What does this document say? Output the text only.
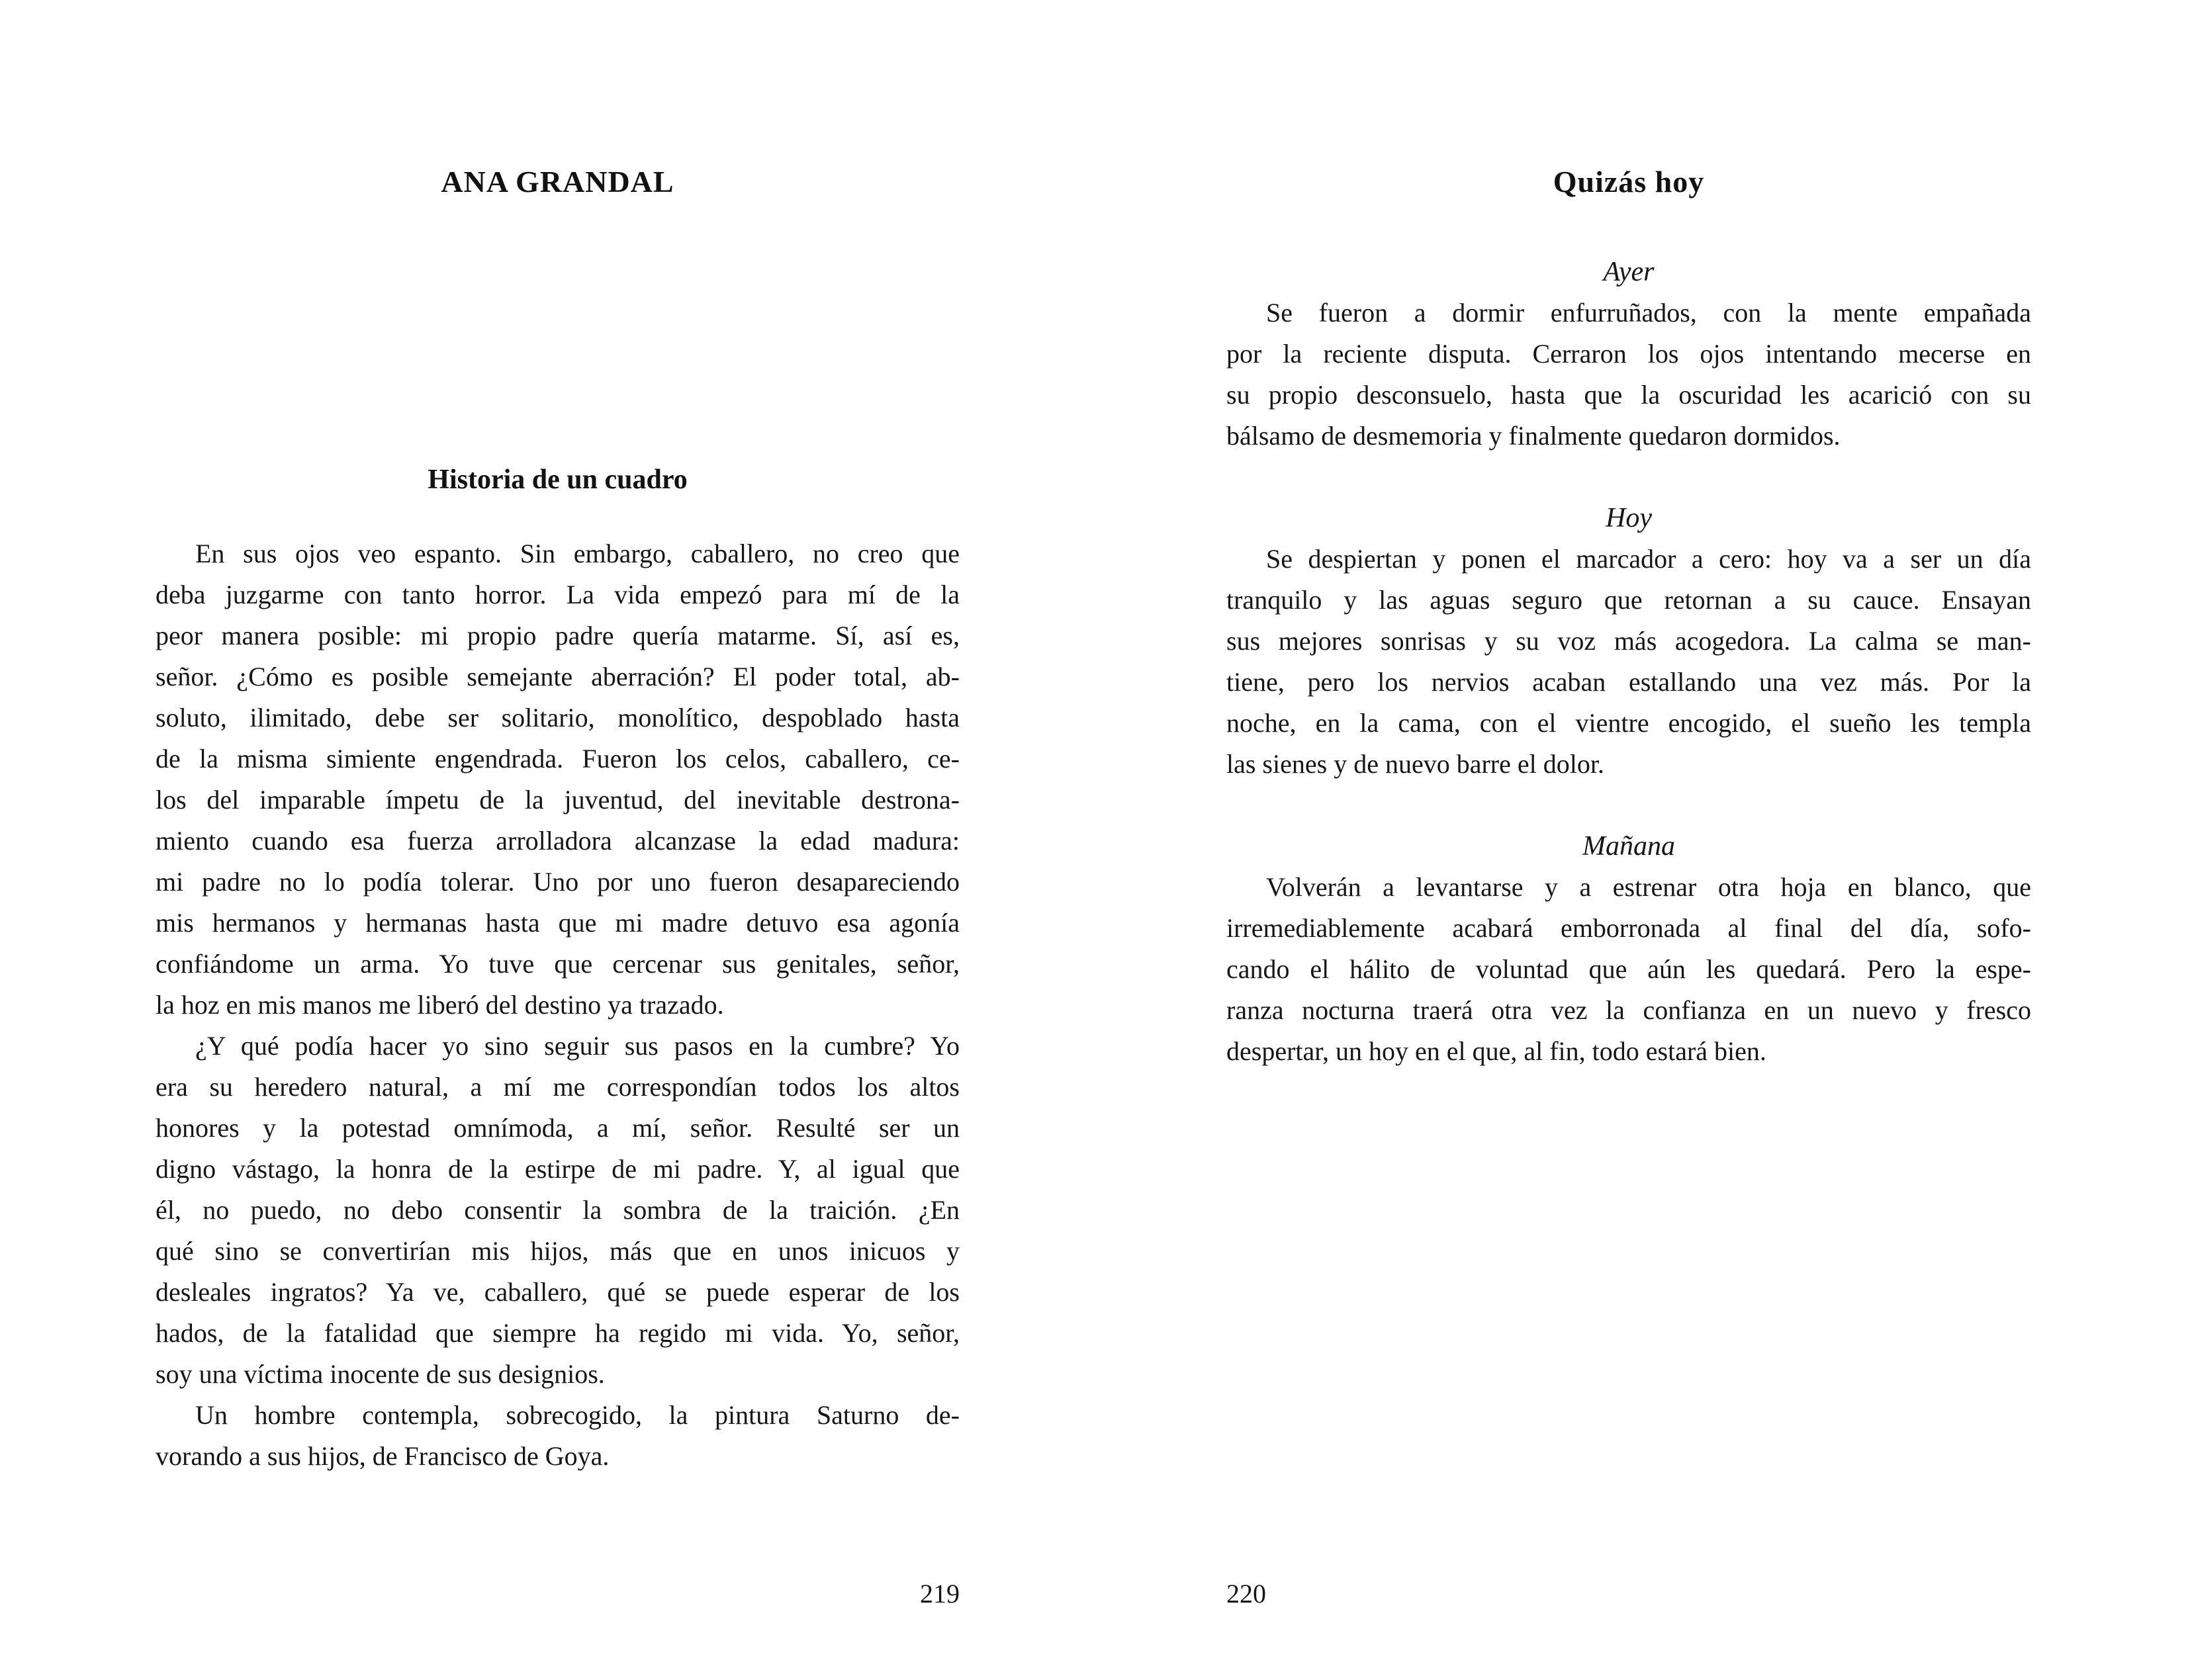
ANA GRANDAL
Historia de un cuadro
En sus ojos veo espanto. Sin embargo, caballero, no creo que
deba juzgarme con tanto horror. La vida empezó para mí de la
peor manera posible: mi propio padre quería matarme. Sí, así es,
señor. ¿Cómo es posible semejante aberración? El poder total, ab-
soluto, ilimitado, debe ser solitario, monolítico, despoblado hasta
de la misma simiente engendrada. Fueron los celos, caballero, ce-
los del imparable ímpetu de la juventud, del inevitable destrona-
miento cuando esa fuerza arrolladora alcanzase la edad madura:
mi padre no lo podía tolerar. Uno por uno fueron desapareciendo
mis hermanos y hermanas hasta que mi madre detuvo esa agonía
confiándome un arma. Yo tuve que cercenar sus genitales, señor,
la hoz en mis manos me liberó del destino ya trazado.
¿Y qué podía hacer yo sino seguir sus pasos en la cumbre? Yo
era su heredero natural, a mí me correspondían todos los altos
honores y la potestad omnímoda, a mí, señor. Resulté ser un
digno vástago, la honra de la estirpe de mi padre. Y, al igual que
él, no puedo, no debo consentir la sombra de la traición. ¿En
qué sino se convertirían mis hijos, más que en unos inicuos y
desleales ingratos? Ya ve, caballero, qué se puede esperar de los
hados, de la fatalidad que siempre ha regido mi vida. Yo, señor,
soy una víctima inocente de sus designios.
Un hombre contempla, sobrecogido, la pintura Saturno de-
vorando a sus hijos, de Francisco de Goya.
219
Quizás hoy
Ayer
Se fueron a dormir enfurruñados, con la mente empañada
por la reciente disputa. Cerraron los ojos intentando mecerse en
su propio desconsuelo, hasta que la oscuridad les acarició con su
bálsamo de desmemoria y finalmente quedaron dormidos.
Hoy
Se despiertan y ponen el marcador a cero: hoy va a ser un día
tranquilo y las aguas seguro que retornan a su cauce. Ensayan
sus mejores sonrisas y su voz más acogedora. La calma se man-
tiene, pero los nervios acaban estallando una vez más. Por la
noche, en la cama, con el vientre encogido, el sueño les templa
las sienes y de nuevo barre el dolor.
Mañana
Volverán a levantarse y a estrenar otra hoja en blanco, que
irremediablemente acabará emborronada al final del día, sofo-
cando el hálito de voluntad que aún les quedará. Pero la espe-
ranza nocturna traerá otra vez la confianza en un nuevo y fresco
despertar, un hoy en el que, al fin, todo estará bien.
220
